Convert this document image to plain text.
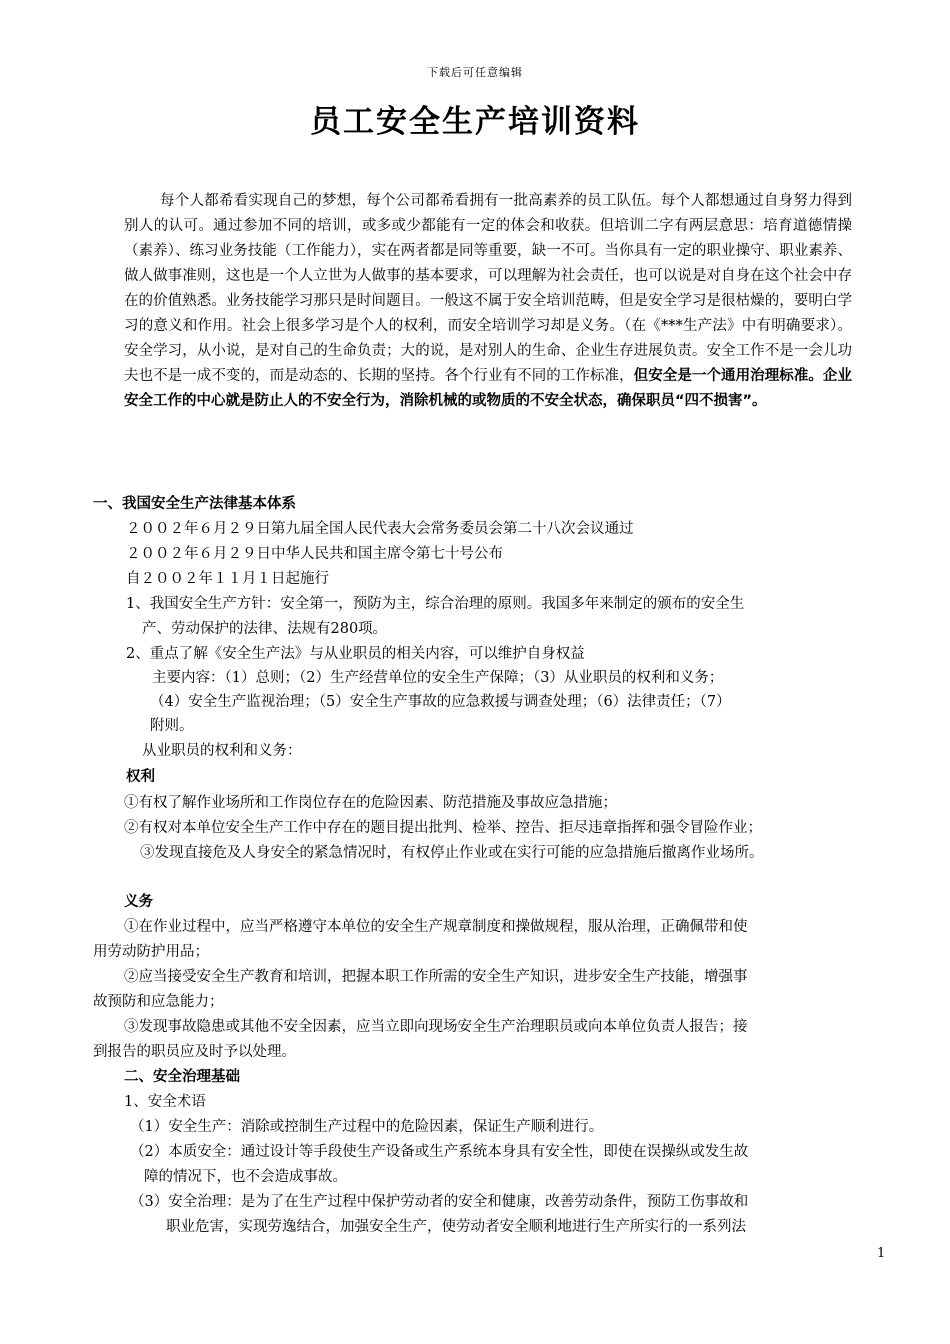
下载后可任意编辑
员工安全生产培训资料

每个人都希看实现自己的梦想，每个公司都希看拥有一批高素养的员工队伍。每个人都想通过自身努力得到别人的认可。通过参加不同的培训，或多或少都能有一定的体会和收获。但培训二字有两层意思：培育道德情操（素养）、练习业务技能（工作能力），实在两者都是同等重要，缺一不可。当你具有一定的职业操守、职业素养、做人做事准则，这也是一个人立世为人做事的基本要求，可以理解为社会责任，也可以说是对自身在这个社会中存在的价值熟悉。业务技能学习那只是时间题目。一般这不属于安全培训范畴，但是安全学习是很枯燥的，要明白学习的意义和作用。社会上很多学习是个人的权利，而安全培训学习却是义务。（在《***生产法》中有明确要求）。安全学习，从小说，是对自己的生命负责；大的说，是对别人的生命、企业生存进展负责。安全工作不是一会儿功夫也不是一成不变的，而是动态的、长期的坚持。各个行业有不同的工作标准，但安全是一个通用治理标准。企业安全工作的中心就是防止人的不安全行为，消除机械的或物质的不安全状态，确保职员“四不损害”。

一、我国安全生产法律基本体系
２００２年６月２９日第九届全国人民代表大会常务委员会第二十八次会议通过
２００２年６月２９日中华人民共和国主席令第七十号公布
自２００２年１１月１日起施行
1、我国安全生产方针：安全第一，预防为主，综合治理的原则。我国多年来制定的颁布的安全生
产、劳动保护的法律、法规有280项。
2、重点了解《安全生产法》与从业职员的相关内容，可以维护自身权益
主要内容：（1）总则；（2）生产经营单位的安全生产保障；（3）从业职员的权利和义务；
（4）安全生产监视治理；（5）安全生产事故的应急救援与调查处理；（6）法律责任；（7）
附则。
从业职员的权利和义务：
权利
①有权了解作业场所和工作岗位存在的危险因素、防范措施及事故应急措施；
②有权对本单位安全生产工作中存在的题目提出批判、检举、控告、拒尽违章指挥和强令冒险作业；
③发现直接危及人身安全的紧急情况时，有权停止作业或在实行可能的应急措施后撤离作业场所。
义务
①在作业过程中，应当严格遵守本单位的安全生产规章制度和操做规程，服从治理，正确佩带和使
用劳动防护用品；
②应当接受安全生产教育和培训，把握本职工作所需的安全生产知识，进步安全生产技能，增强事
故预防和应急能力；
③发现事故隐患或其他不安全因素，应当立即向现场安全生产治理职员或向本单位负责人报告；接
到报告的职员应及时予以处理。
二、安全治理基础
1、安全术语
（1）安全生产：消除或控制生产过程中的危险因素，保证生产顺利进行。
（2）本质安全：通过设计等手段使生产设备或生产系统本身具有安全性，即使在误操纵或发生故
障的情况下，也不会造成事故。
（3）安全治理：是为了在生产过程中保护劳动者的安全和健康，改善劳动条件，预防工伤事故和
职业危害，实现劳逸结合，加强安全生产，使劳动者安全顺利地进行生产所实行的一系列法
1
